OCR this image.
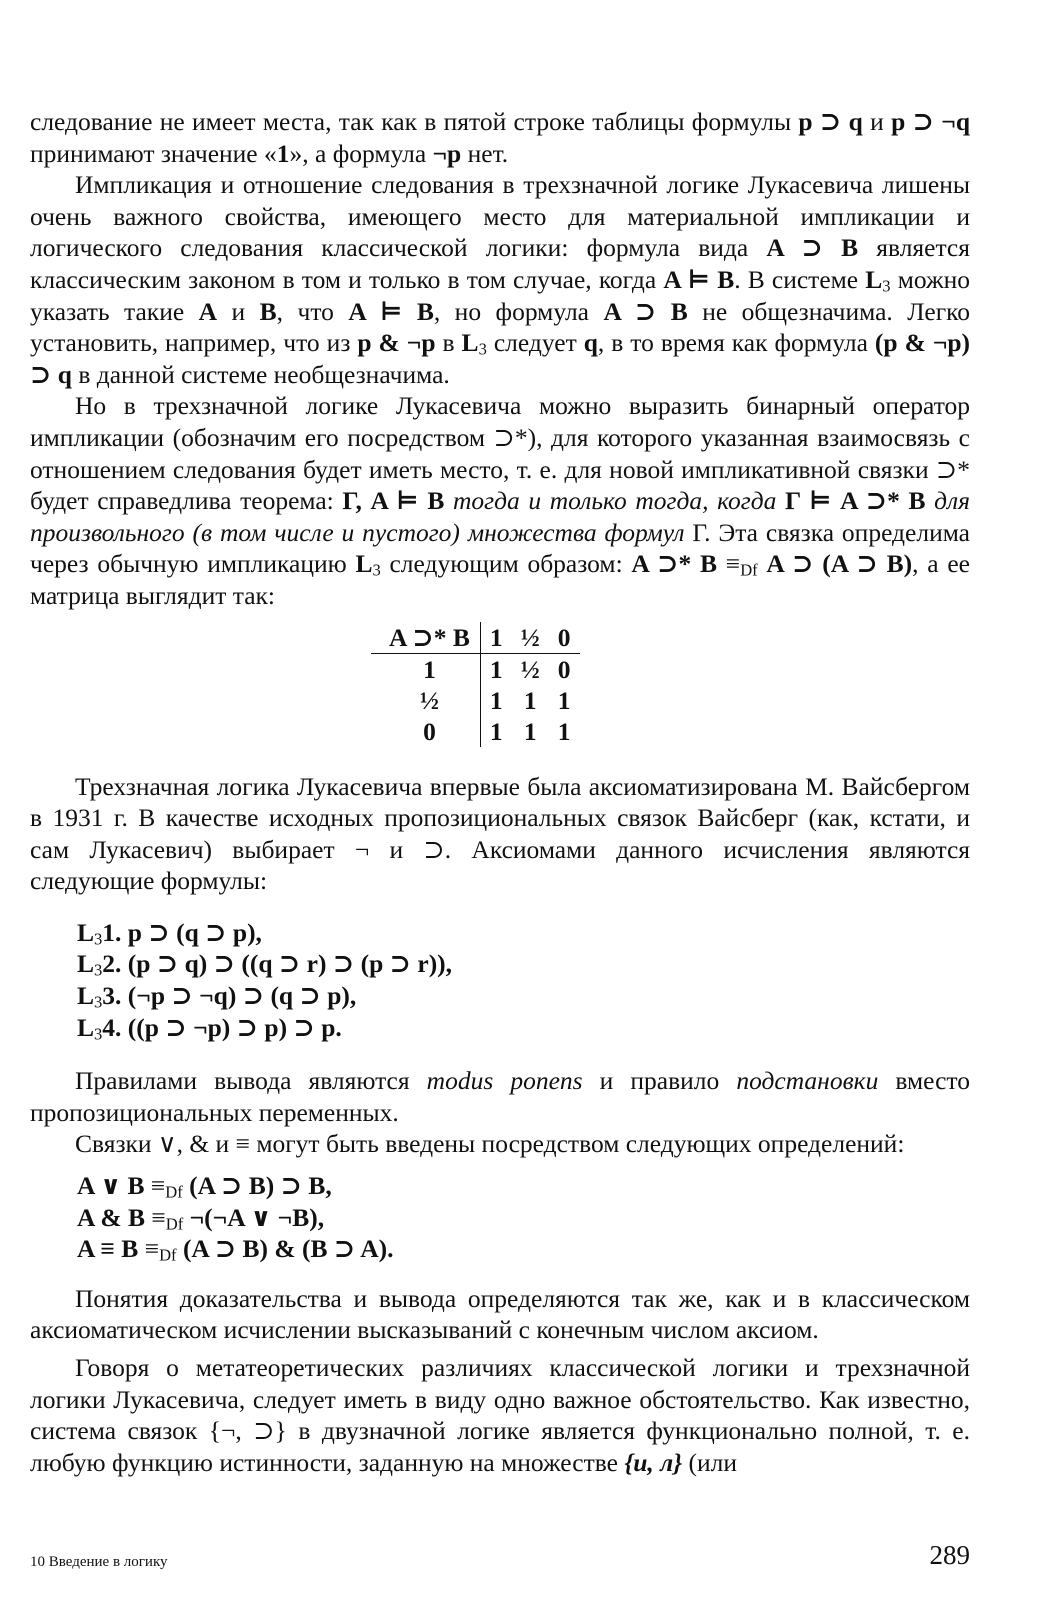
следование не имеет места, так как в пятой строке таблицы формулы p ⊃ q и p ⊃ ¬q принимают значение «1», а формула ¬p нет.

Импликация и отношение следования в трехзначной логике Лукасевича лишены очень важного свойства, имеющего место для материальной импликации и логического следования классической логики: формула вида A ⊃ B является классическим законом в том и только в том случае, когда A ⊨ B. В системе $L_3$ можно указать такие A и B, что A ⊨ B, но формула A ⊃ B не общезначима. Легко установить, например, что из p & ¬p в $L_3$ следует q, в то время как формула (p & ¬p) ⊃ q в данной системе необщезначима.

Но в трехзначной логике Лукасевича можно выразить бинарный оператор импликации (обозначим его посредством ⊃*), для которого указанная взаимосвязь с отношением следования будет иметь место, т. е. для новой импликативной связки ⊃* будет справедлива теорема: Γ, A ⊨ B тогда и только тогда, когда Γ ⊨ A ⊃* B для произвольного (в том числе и пустого) множества формул Γ. Эта связка определима через обычную импликацию $L_3$ следующим образом: A ⊃* $B \equiv_{Df}$ A ⊃ (A ⊃ B), а ее матрица выглядит так:

A ⊃* B	1	½	0
1	1	½	0
½	1	1	1
0	1	1	1

Трехзначная логика Лукасевича впервые была аксиоматизирована М. Вайсбергом в 1931 г. В качестве исходных пропозициональных связок Вайсберг (как, кстати, и сам Лукасевич) выбирает ¬ и ⊃. Аксиомами данного исчисления являются следующие формулы:

$L_31$. p ⊃ (q ⊃ p),
$L_32$. (p ⊃ q) ⊃ ((q ⊃ r) ⊃ (p ⊃ r)),
$L_33$. (¬p ⊃ ¬q) ⊃ (q ⊃ p),
$L_34$. ((p ⊃ ¬p) ⊃ p) ⊃ p.

Правилами вывода являются modus ponens и правило подстановки вместо пропозициональных переменных.

Связки ∨, & и ≡ могут быть введены посредством следующих определений:

A ∨ $B \equiv_{Df}$ (A ⊃ B) ⊃ B,
A & $B \equiv_{Df}$ ¬(¬A ∨ ¬B),
$A \equiv B \equiv_{Df}$ (A ⊃ B) & (B ⊃ A).

Понятия доказательства и вывода определяются так же, как и в классическом аксиоматическом исчислении высказываний с конечным числом аксиом.

Говоря о метатеоретических различиях классической логики и трехзначной логики Лукасевича, следует иметь в виду одно важное обстоятельство. Как известно, система связок {¬, ⊃} в двузначной логике является функционально полной, т. е. любую функцию истинности, заданную на множестве {и, л} (или

10 Введение в логику	289
